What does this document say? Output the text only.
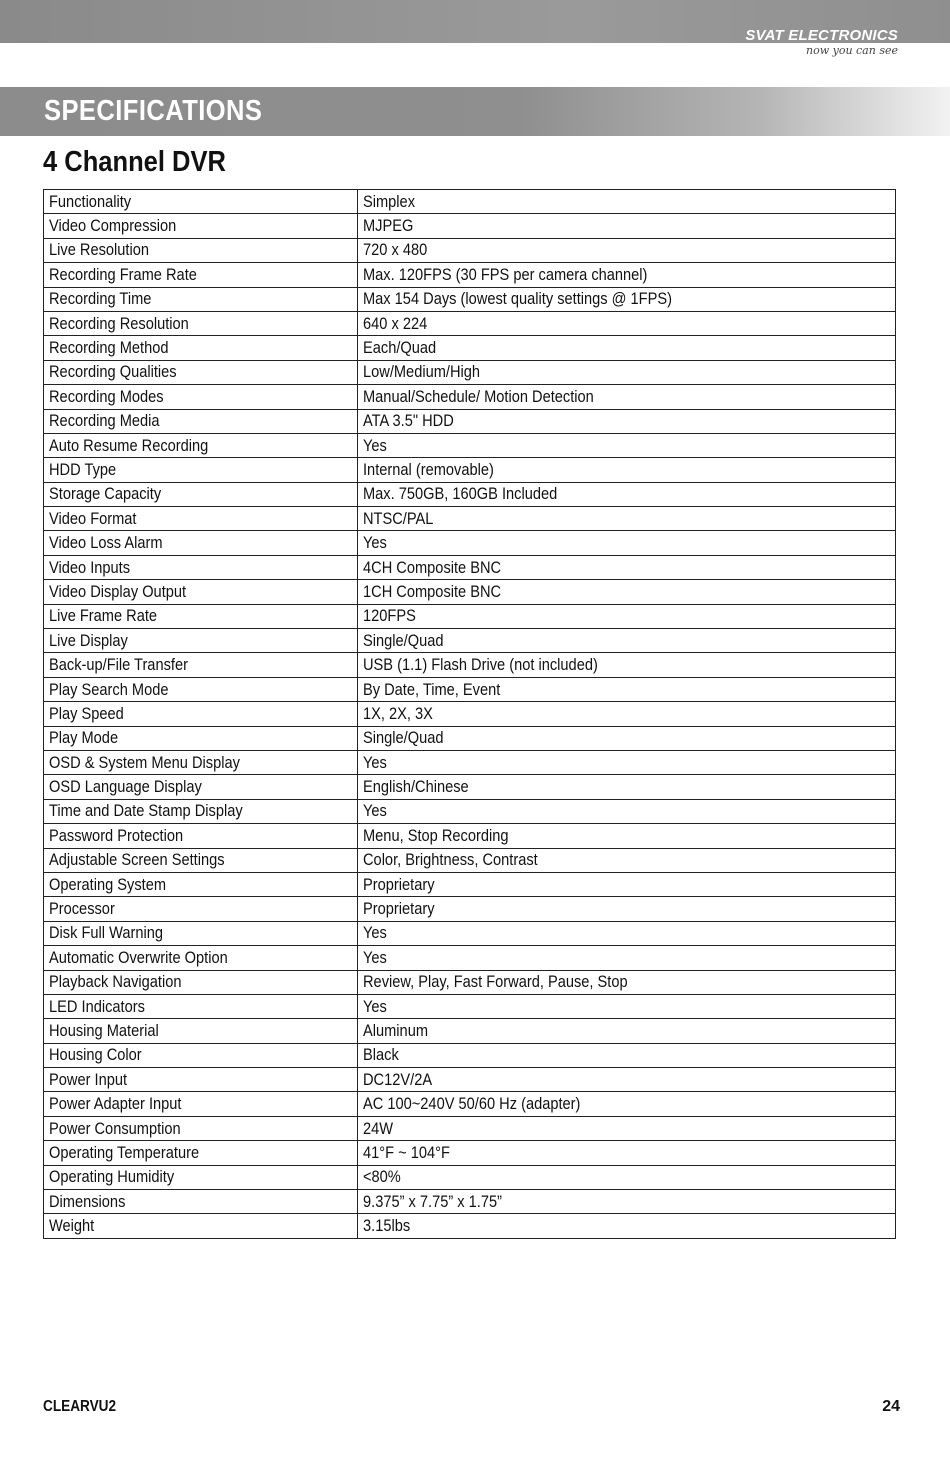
SVAT ELECTRONICS
now you can see
SPECIFICATIONS
4 Channel DVR
Functionality	Simplex
Video Compression	MJPEG
Live Resolution	720 x 480
Recording Frame Rate	Max. 120FPS (30 FPS per camera channel)
Recording Time	Max 154 Days (lowest quality settings @ 1FPS)
Recording Resolution	640 x 224
Recording Method	Each/Quad
Recording Qualities	Low/Medium/High
Recording Modes	Manual/Schedule/ Motion Detection
Recording Media	ATA 3.5" HDD
Auto Resume Recording	Yes
HDD Type	Internal (removable)
Storage Capacity	Max. 750GB, 160GB Included
Video Format	NTSC/PAL
Video Loss Alarm	Yes
Video Inputs	4CH Composite BNC
Video Display Output	1CH Composite BNC
Live Frame Rate	120FPS
Live Display	Single/Quad
Back-up/File Transfer	USB (1.1) Flash Drive (not included)
Play Search Mode	By Date, Time, Event
Play Speed	1X, 2X, 3X
Play Mode	Single/Quad
OSD & System Menu Display	Yes
OSD Language Display	English/Chinese
Time and Date Stamp Display	Yes
Password Protection	Menu, Stop Recording
Adjustable Screen Settings	Color, Brightness, Contrast
Operating System	Proprietary
Processor	Proprietary
Disk Full Warning	Yes
Automatic Overwrite Option	Yes
Playback Navigation	Review, Play, Fast Forward, Pause, Stop
LED Indicators	Yes
Housing Material	Aluminum
Housing Color	Black
Power Input	DC12V/2A
Power Adapter Input	AC 100~240V 50/60 Hz (adapter)
Power Consumption	24W
Operating Temperature	41°F ~ 104°F
Operating Humidity	<80%
Dimensions	9.375” x 7.75” x 1.75”
Weight	3.15lbs
CLEARVU2	24
